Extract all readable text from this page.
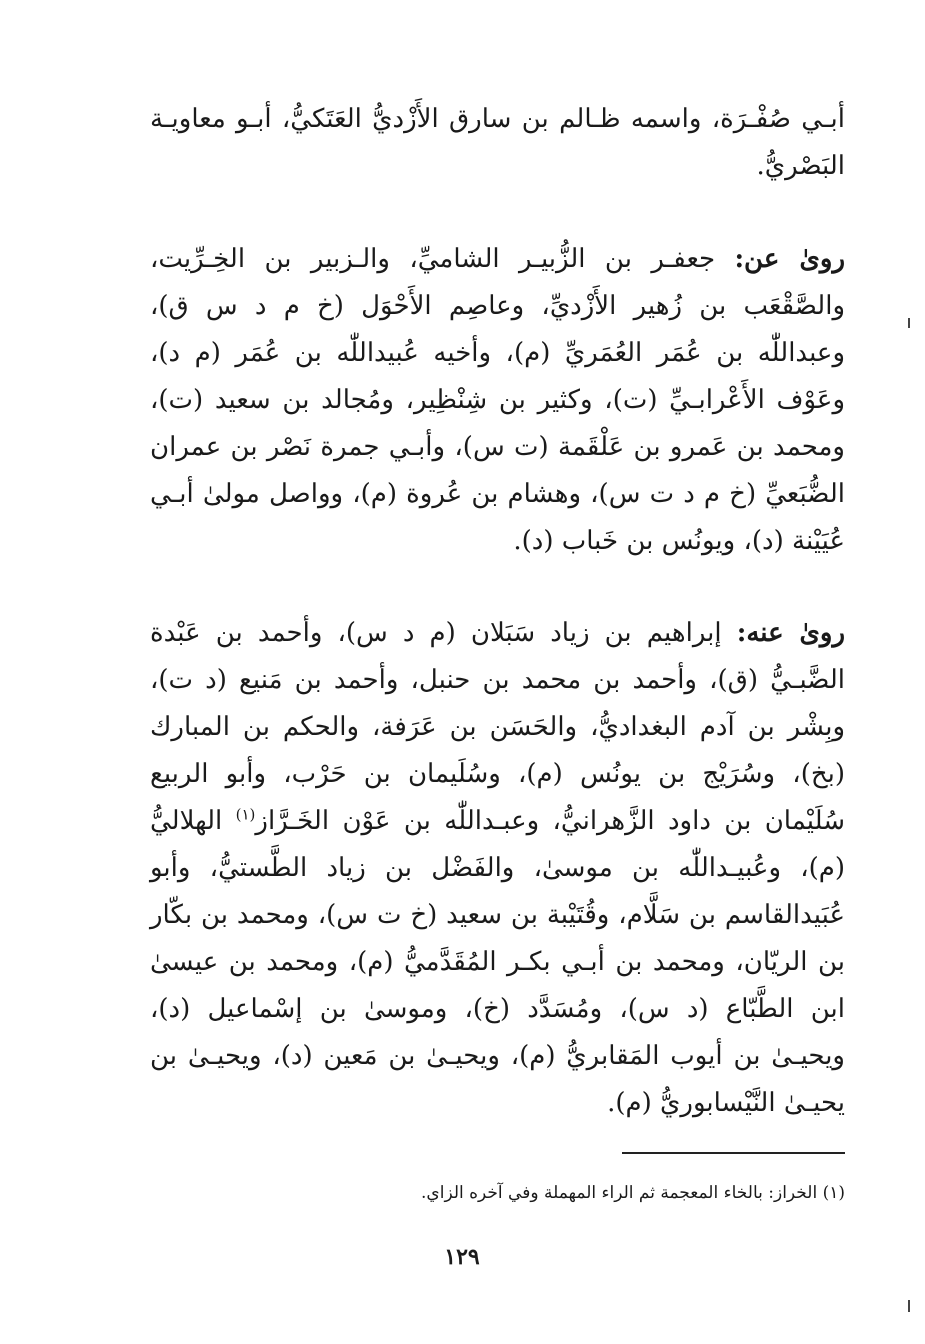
أبـي صُفْـرَة، واسمه ظـالم بن سارق الأَزْديُّ العَتَكيُّ، أبـو معاويـة البَصْريُّ.

روىٰ عن: جعفـر بن الزُّبيـر الشاميِّ، والـزبير بن الخِـرِّيت، والصَّقْعَب بن زُهير الأَزْديِّ، وعاصِم الأَحْوَل (خ م د س ق)، وعبداللّٰه بن عُمَر العُمَريِّ (م)، وأخيه عُبيداللّٰه بن عُمَر (م د)، وعَوْف الأَعْرابـيِّ (ت)، وكثير بن شِنْظِير، ومُجالد بن سعيد (ت)، ومحمد بن عَمرو بن عَلْقَمة (ت س)، وأبـي جمرة نَصْر بن عمران الضُّبَعيِّ (خ م د ت س)، وهشام بن عُروة (م)، وواصل مولىٰ أبـي عُيَيْنة (د)، ويونُس بن خَباب (د).

روىٰ عنه: إبراهيم بن زياد سَبَلان (م د س)، وأحمد بن عَبْدة الضَّبـيُّ (ق)، وأحمد بن محمد بن حنبل، وأحمد بن مَنيع (د ت)، وبِشْر بن آدم البغداديُّ، والحَسَن بن عَرَفة، والحكم بن المبارك (بخ)، وسُرَيْج بن يونُس (م)، وسُلَيمان بن حَرْب، وأبو الربيع سُلَيْمان بن داود الزَّهرانيُّ، وعبـداللّٰه بن عَوْن الخَـرَّاز$^{(١)}$ الهلاليُّ (م)، وعُبيـداللّٰه بن موسىٰ، والفَضْل بن زياد الطَّستيُّ، وأبو عُبَيدالقاسم بن سَلَّام، وقُتَيْبة بن سعيد (خ ت س)، ومحمد بن بكّار بن الريّان، ومحمد بن أبـي بكـر المُقَدَّميُّ (م)، ومحمد بن عيسىٰ ابن الطَّبّاع (د س)، ومُسَدَّد (خ)، وموسىٰ بن إسْماعيل (د)، ويحيـىٰ بن أيوب المَقابريُّ (م)، ويحيـىٰ بن مَعين (د)، ويحيـىٰ بن يحيـىٰ النَّيْسابوريُّ (م).

(١) الخراز: بالخاء المعجمة ثم الراء المهملة وفي آخره الزاي.
١٢٩
